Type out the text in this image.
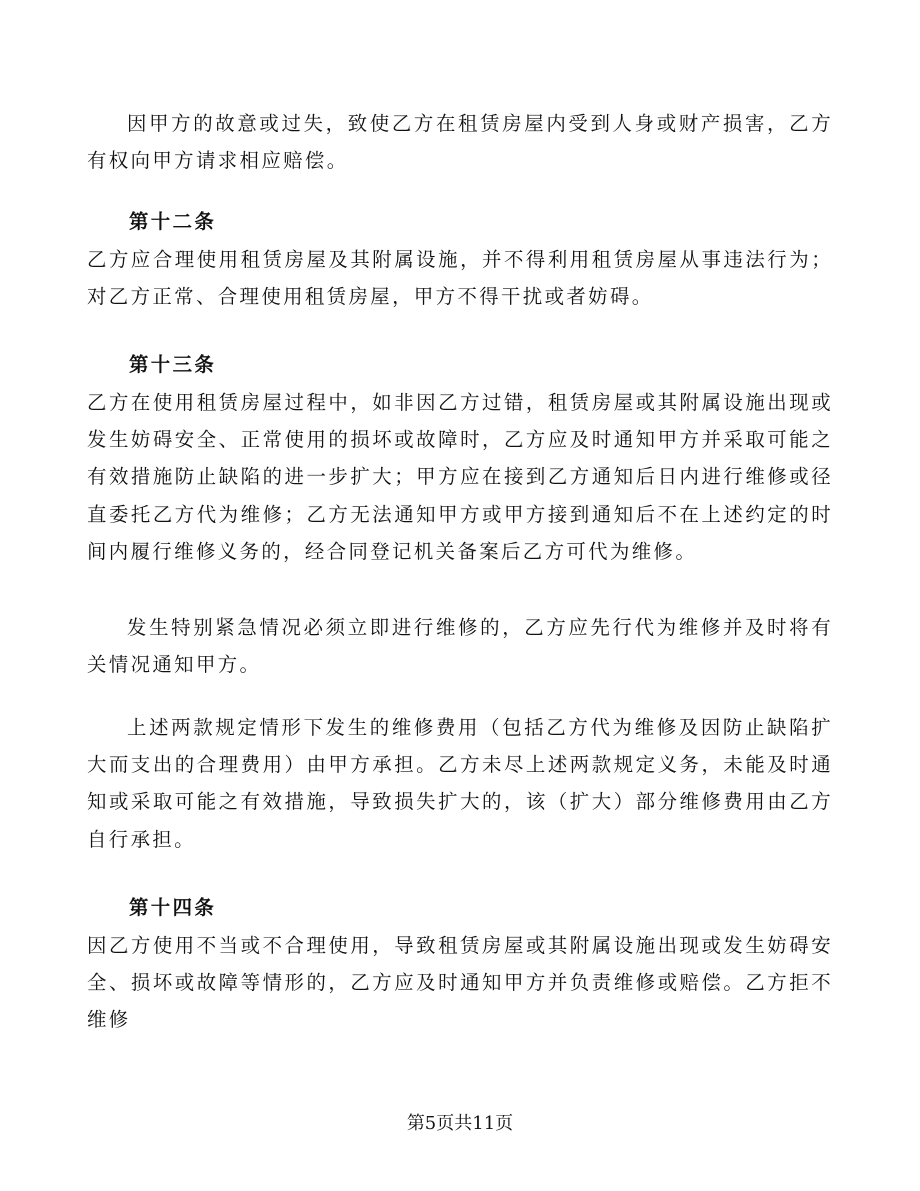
因甲方的故意或过失，致使乙方在租赁房屋内受到人身或财产损害，乙方有权向甲方请求相应赔偿。

第十二条

乙方应合理使用租赁房屋及其附属设施，并不得利用租赁房屋从事违法行为；对乙方正常、合理使用租赁房屋，甲方不得干扰或者妨碍。

第十三条

乙方在使用租赁房屋过程中，如非因乙方过错，租赁房屋或其附属设施出现或发生妨碍安全、正常使用的损坏或故障时，乙方应及时通知甲方并采取可能之有效措施防止缺陷的进一步扩大；甲方应在接到乙方通知后日内进行维修或径直委托乙方代为维修；乙方无法通知甲方或甲方接到通知后不在上述约定的时间内履行维修义务的，经合同登记机关备案后乙方可代为维修。

发生特别紧急情况必须立即进行维修的，乙方应先行代为维修并及时将有关情况通知甲方。

上述两款规定情形下发生的维修费用（包括乙方代为维修及因防止缺陷扩大而支出的合理费用）由甲方承担。乙方未尽上述两款规定义务，未能及时通知或采取可能之有效措施，导致损失扩大的，该（扩大）部分维修费用由乙方自行承担。

第十四条

因乙方使用不当或不合理使用，导致租赁房屋或其附属设施出现或发生妨碍安全、损坏或故障等情形的，乙方应及时通知甲方并负责维修或赔偿。乙方拒不维修

第5页共11页
